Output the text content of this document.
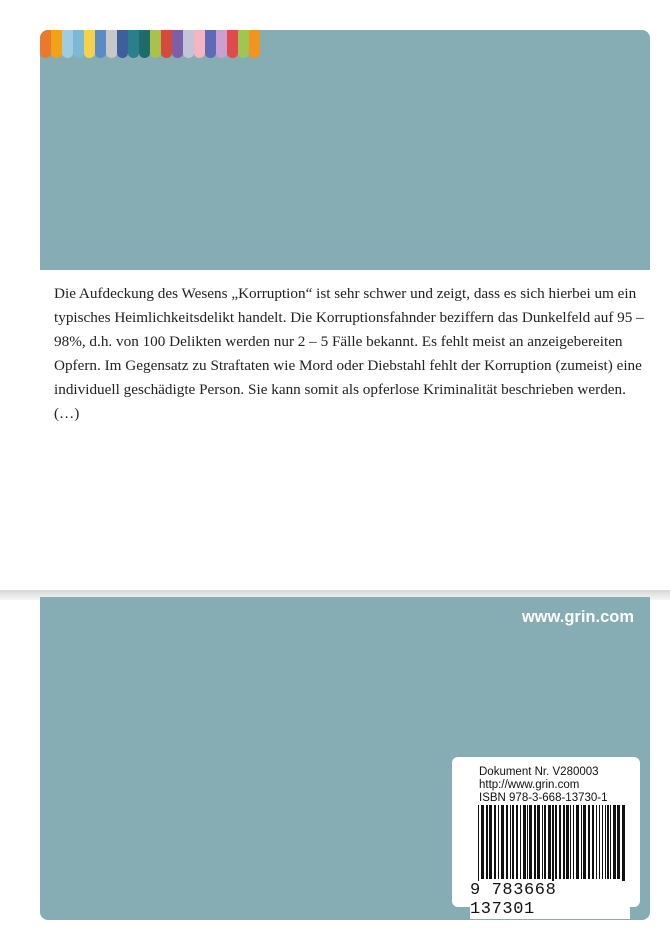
Die Aufdeckung des Wesens „Korruption“ ist sehr schwer und zeigt, dass es sich hierbei um ein typisches Heimlichkeitsdelikt handelt. Die Korruptionsfahnder beziffern das Dunkelfeld auf 95 – 98%, d.h. von 100 Delikten werden nur 2 – 5 Fälle bekannt. Es fehlt meist an anzeigebereiten Opfern. Im Gegensatz zu Straftaten wie Mord oder Diebstahl fehlt der Korruption (zumeist) eine individuell geschädigte Person. Sie kann somit als opferlose Kriminalität beschrieben werden. (…)

www.grin.com
Dokument Nr. V280003
http://www.grin.com
ISBN 978-3-668-13730-1
9 783668 137301
